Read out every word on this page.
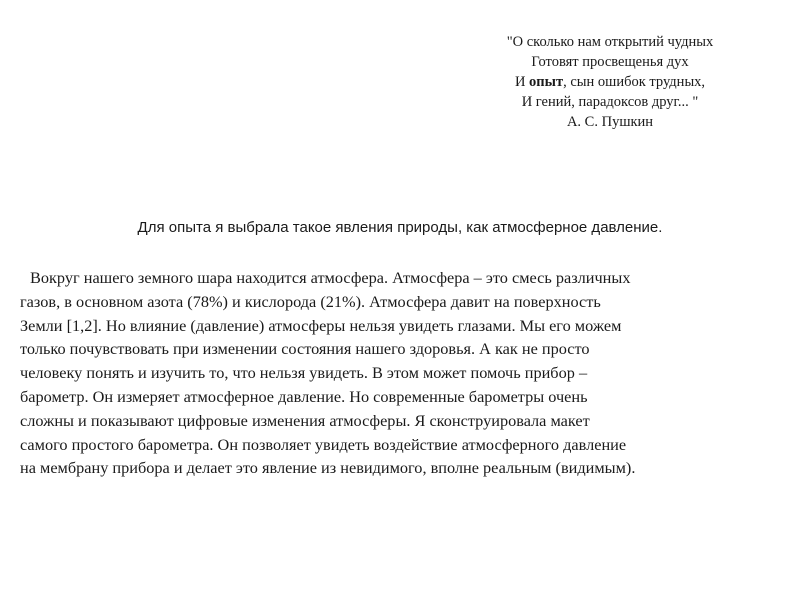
"О сколько нам открытий чудных
Готовят просвещенья дух
И опыт, сын ошибок трудных,
И гений, парадоксов друг... "
А. С. Пушкин
Для опыта я выбрала такое явления природы, как атмосферное давление.
Вокруг нашего земного шара находится атмосфера. Атмосфера – это смесь различных
газов, в основном азота (78%) и кислорода (21%). Атмосфера давит на поверхность
Земли [1,2]. Но влияние (давление) атмосферы нельзя увидеть глазами. Мы его можем
только почувствовать при изменении состояния нашего здоровья. А как не просто
человеку понять и изучить то, что нельзя увидеть. В этом может помочь прибор –
барометр. Он измеряет атмосферное давление. Но современные барометры очень
сложны и показывают цифровые изменения атмосферы. Я сконструировала макет
самого простого барометра. Он позволяет увидеть воздействие атмосферного давление
на мембрану прибора и делает это явление из невидимого, вполне реальным (видимым).
